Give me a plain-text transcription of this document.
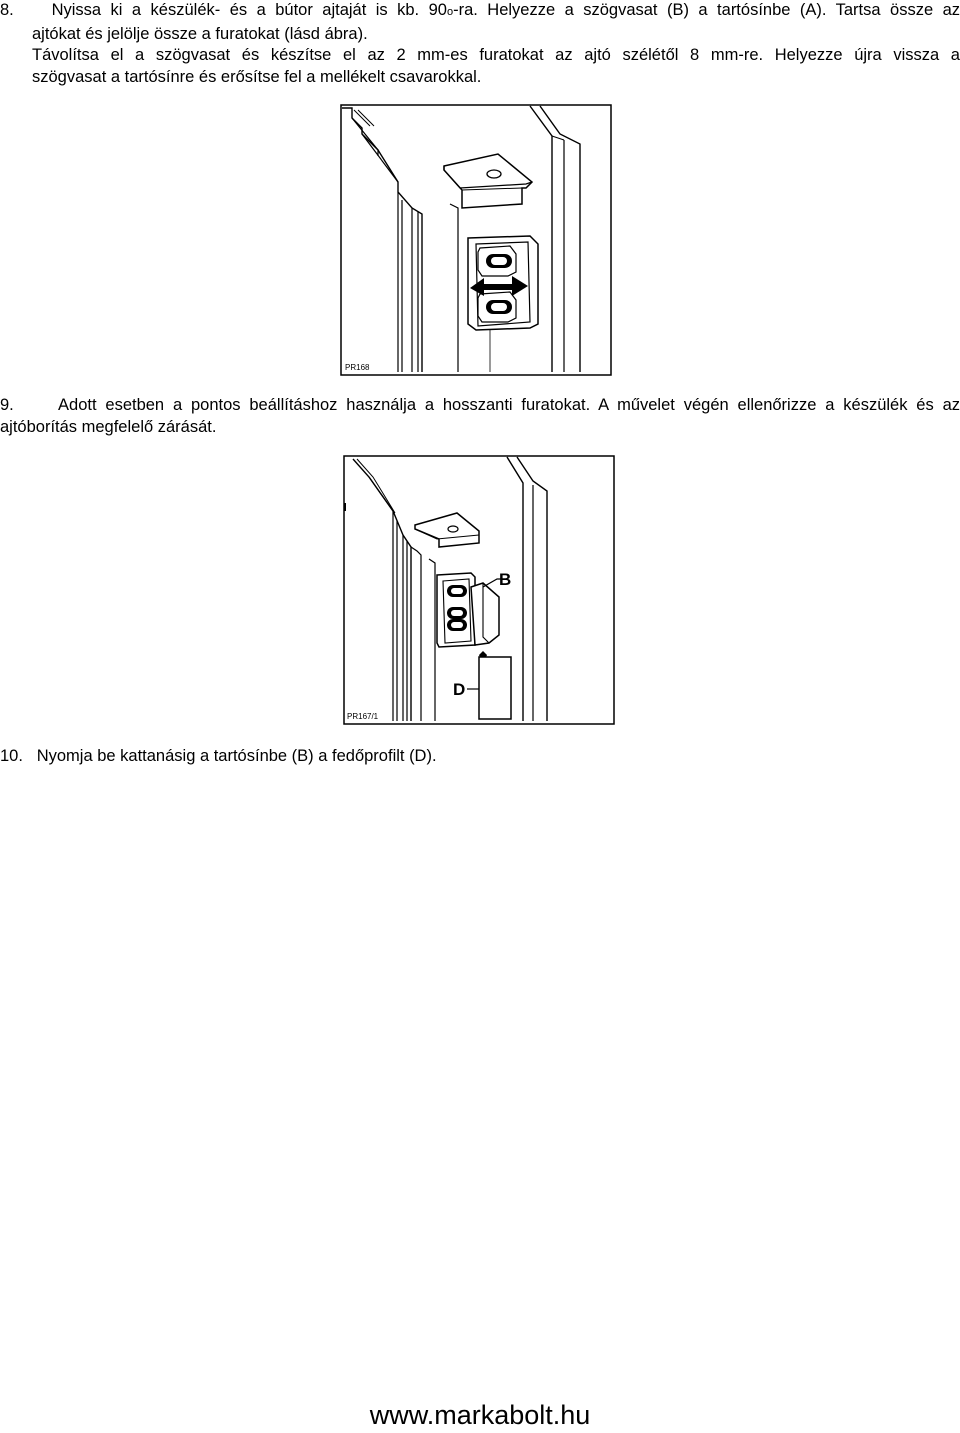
8. Nyissa ki a készülék- és a bútor ajtaját is kb. 90o-ra. Helyezze a szögvasat (B) a tartósínbe (A). Tartsa össze az
ajtókat és jelölje össze a furatokat (lásd ábra).
Távolítsa el a szögvasat és készítse el az 2 mm-es furatokat az ajtó szélétől 8 mm-re. Helyezze újra vissza a
szögvasat a tartósínre és erősítse fel a mellékelt csavarokkal.
PR168
9.	Adott esetben a pontos beállításhoz használja a hosszanti furatokat. A művelet végén ellenőrizze a készülék és az
ajtóborítás megfelelő zárását.
B
D
PR167/1
10. Nyomja be kattanásig a tartósínbe (B) a fedőprofilt (D).
www.markabolt.hu
